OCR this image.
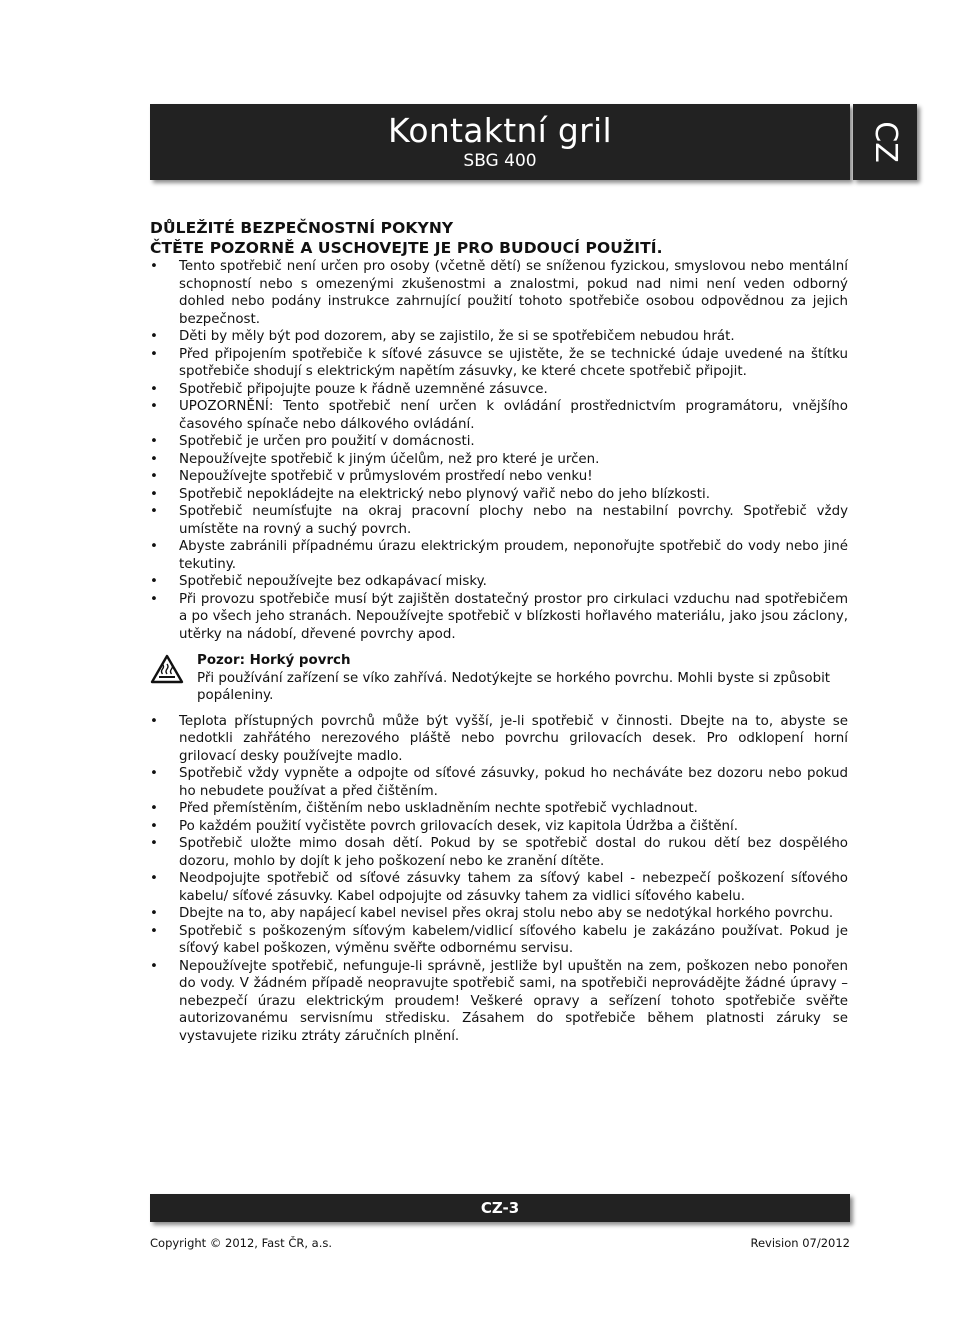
Kontaktní gril
SBG 400	CZ

DŮLEŽITÉ BEZPEČNOSTNÍ POKYNY

ČTĚTE POZORNĚ A USCHOVEJTE JE PRO BUDOUCÍ POUŽITÍ.

• Tento spotřebič není určen pro osoby (včetně dětí) se sníženou fyzickou, smyslovou nebo mentální schopností nebo s omezenými zkušenostmi a znalostmi, pokud nad nimi není veden odborný dohled nebo podány instrukce zahrnující použití tohoto spotřebiče osobou odpovědnou za jejich bezpečnost.
• Děti by měly být pod dozorem, aby se zajistilo, že si se spotřebičem nebudou hrát.
• Před připojením spotřebiče k síťové zásuvce se ujistěte, že se technické údaje uvedené na štítku spotřebiče shodují s elektrickým napětím zásuvky, ke které chcete spotřebič připojit.
• Spotřebič připojujte pouze k řádně uzemněné zásuvce.
• UPOZORNĚNÍ: Tento spotřebič není určen k ovládání prostřednictvím programátoru, vnějšího časového spínače nebo dálkového ovládání.
• Spotřebič je určen pro použití v domácnosti.
• Nepoužívejte spotřebič k jiným účelům, než pro které je určen.
• Nepoužívejte spotřebič v průmyslovém prostředí nebo venku!
• Spotřebič nepokládejte na elektrický nebo plynový vařič nebo do jeho blízkosti.
• Spotřebič neumísťujte na okraj pracovní plochy nebo na nestabilní povrchy. Spotřebič vždy umístěte na rovný a suchý povrch.
• Abyste zabránili případnému úrazu elektrickým proudem, neponořujte spotřebič do vody nebo jiné tekutiny.
• Spotřebič nepoužívejte bez odkapávací misky.
• Při provozu spotřebiče musí být zajištěn dostatečný prostor pro cirkulaci vzduchu nad spotřebičem a po všech jeho stranách. Nepoužívejte spotřebič v blízkosti hořlavého materiálu, jako jsou záclony, utěrky na nádobí, dřevené povrchy apod.
Pozor: Horký povrch
Při používání zařízení se víko zahřívá. Nedotýkejte se horkého povrchu. Mohli byste si způsobit popáleniny.
• Teplota přístupných povrchů může být vyšší, je-li spotřebič v činnosti. Dbejte na to, abyste se nedotkli zahřátého nerezového pláště nebo povrchu grilovacích desek. Pro odklopení horní grilovací desky používejte madlo.
• Spotřebič vždy vypněte a odpojte od síťové zásuvky, pokud ho necháváte bez dozoru nebo pokud ho nebudete používat a před čištěním.
• Před přemístěním, čištěním nebo uskladněním nechte spotřebič vychladnout.
• Po každém použití vyčistěte povrch grilovacích desek, viz kapitola Údržba a čištění.
• Spotřebič uložte mimo dosah dětí. Pokud by se spotřebič dostal do rukou dětí bez dospělého dozoru, mohlo by dojít k jeho poškození nebo ke zranění dítěte.
• Neodpojujte spotřebič od síťové zásuvky tahem za síťový kabel - nebezpečí poškození síťového kabelu/ síťové zásuvky. Kabel odpojujte od zásuvky tahem za vidlici síťového kabelu.
• Dbejte na to, aby napájecí kabel nevisel přes okraj stolu nebo aby se nedotýkal horkého povrchu.
• Spotřebič s poškozeným síťovým kabelem/vidlicí síťového kabelu je zakázáno používat. Pokud je síťový kabel poškozen, výměnu svěřte odbornému servisu.
• Nepoužívejte spotřebič, nefunguje-li správně, jestliže byl upuštěn na zem, poškozen nebo ponořen do vody. V žádném případě neopravujte spotřebič sami, na spotřebiči neprovádějte žádné úpravy – nebezpečí úrazu elektrickým proudem! Veškeré opravy a seřízení tohoto spotřebiče svěřte autorizovanému servisnímu středisku. Zásahem do spotřebiče během platnosti záruky se vystavujete riziku ztráty záručních plnění.
CZ-3
Copyright © 2012, Fast ČR, a.s.	Revision 07/2012
